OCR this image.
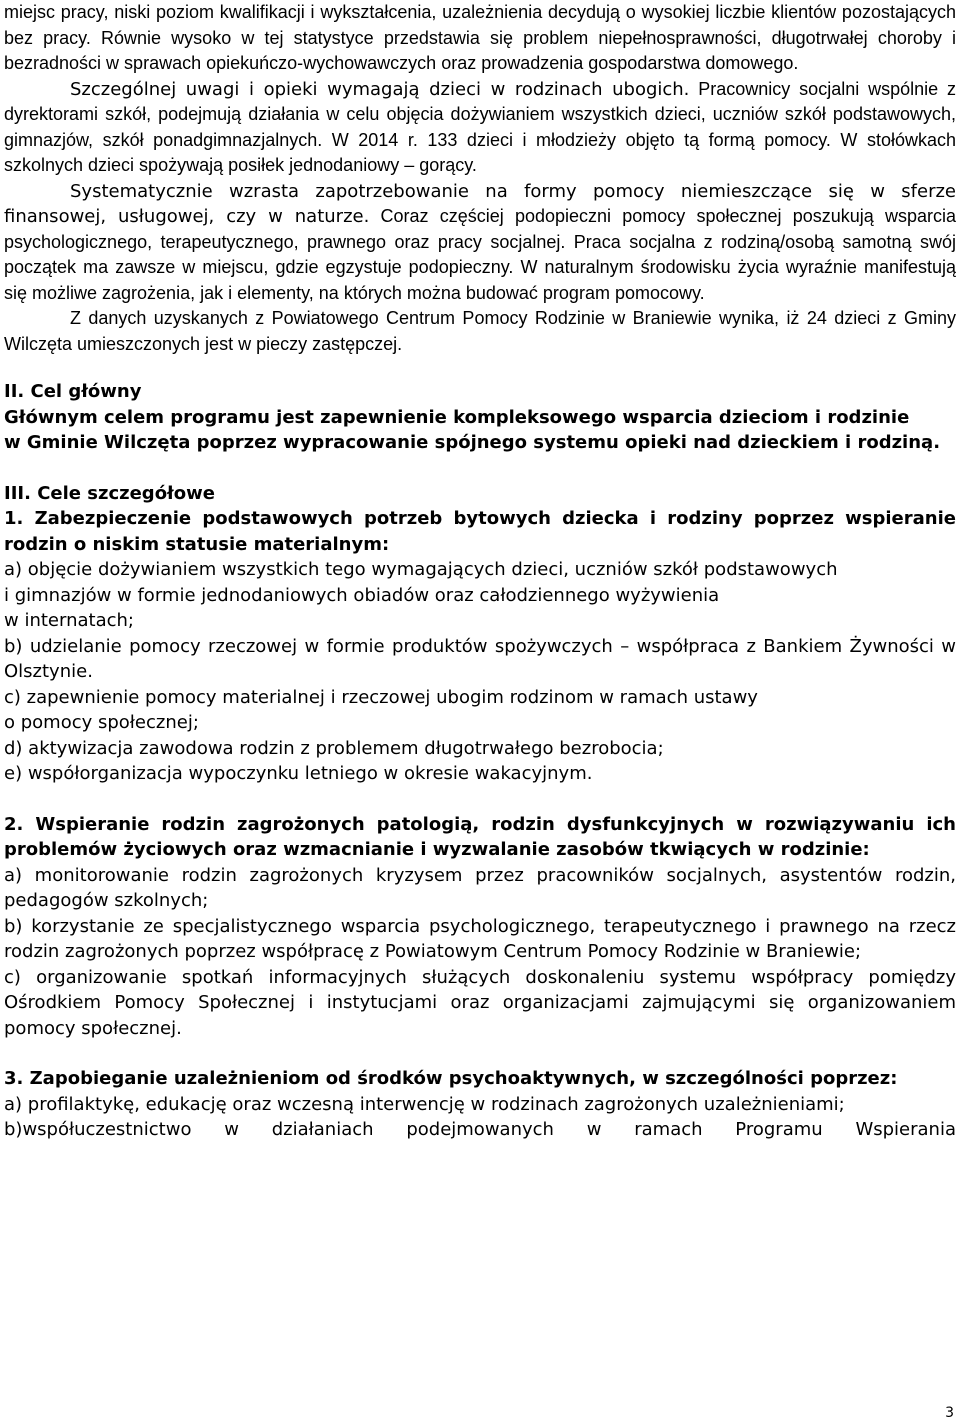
miejsc pracy, niski poziom kwalifikacji i wykształcenia, uzależnienia decydują o wysokiej liczbie klientów pozostających bez pracy. Równie wysoko w tej statystyce przedstawia się problem niepełnosprawności, długotrwałej choroby i bezradności w sprawach opiekuńczo-wychowawczych oraz prowadzenia gospodarstwa domowego.

Szczególnej uwagi i opieki wymagają dzieci w rodzinach ubogich. Pracownicy socjalni wspólnie z dyrektorami szkół, podejmują działania w celu objęcia dożywianiem wszystkich dzieci, uczniów szkół podstawowych, gimnazjów, szkół ponadgimnazjalnych. W 2014 r. 133 dzieci i młodzieży objęto tą formą pomocy. W stołówkach szkolnych dzieci spożywają posiłek jednodaniowy – gorący.

Systematycznie wzrasta zapotrzebowanie na formy pomocy niemieszczące się w sferze finansowej, usługowej, czy w naturze. Coraz częściej podopieczni pomocy społecznej poszukują wsparcia psychologicznego, terapeutycznego, prawnego oraz pracy socjalnej. Praca socjalna z rodziną/osobą samotną swój początek ma zawsze w miejscu, gdzie egzystuje podopieczny. W naturalnym środowisku życia wyraźnie manifestują się możliwe zagrożenia, jak i elementy, na których można budować program pomocowy.

Z danych uzyskanych z Powiatowego Centrum Pomocy Rodzinie w Braniewie wynika, iż 24 dzieci z Gminy Wilczęta umieszczonych jest w pieczy zastępczej.

II. Cel główny

Głównym celem programu jest zapewnienie kompleksowego wsparcia dzieciom i rodzinie

w Gminie Wilczęta poprzez wypracowanie spójnego systemu opieki nad dzieckiem i rodziną.

III. Cele szczegółowe

1. Zabezpieczenie podstawowych potrzeb bytowych dziecka i rodziny poprzez wspieranie rodzin o niskim statusie materialnym:

a) objęcie dożywianiem wszystkich tego wymagających dzieci, uczniów szkół podstawowych

i gimnazjów w formie jednodaniowych obiadów oraz całodziennego wyżywienia

w internatach;

b) udzielanie pomocy rzeczowej w formie produktów spożywczych – współpraca z Bankiem Żywności w Olsztynie.

c) zapewnienie pomocy materialnej i rzeczowej ubogim rodzinom w ramach ustawy

o pomocy społecznej;

d) aktywizacja zawodowa rodzin z problemem długotrwałego bezrobocia;

e) współorganizacja wypoczynku letniego w okresie wakacyjnym.

2. Wspieranie rodzin zagrożonych patologią, rodzin dysfunkcyjnych w rozwiązywaniu ich problemów życiowych oraz wzmacnianie i wyzwalanie zasobów tkwiących w rodzinie:

a) monitorowanie rodzin zagrożonych kryzysem przez pracowników socjalnych, asystentów rodzin, pedagogów szkolnych;

b) korzystanie ze specjalistycznego wsparcia psychologicznego, terapeutycznego i prawnego na rzecz rodzin zagrożonych poprzez współpracę z Powiatowym Centrum Pomocy Rodzinie w Braniewie;

c) organizowanie spotkań informacyjnych służących doskonaleniu systemu współpracy pomiędzy Ośrodkiem Pomocy Społecznej i instytucjami oraz organizacjami zajmującymi się organizowaniem pomocy społecznej.

3. Zapobieganie uzależnieniom od środków psychoaktywnych, w szczególności poprzez:

a) profilaktykę, edukację oraz wczesną interwencję w rodzinach zagrożonych uzależnieniami;

b)współuczestnictwo w działaniach podejmowanych w ramach Programu Wspierania

3
